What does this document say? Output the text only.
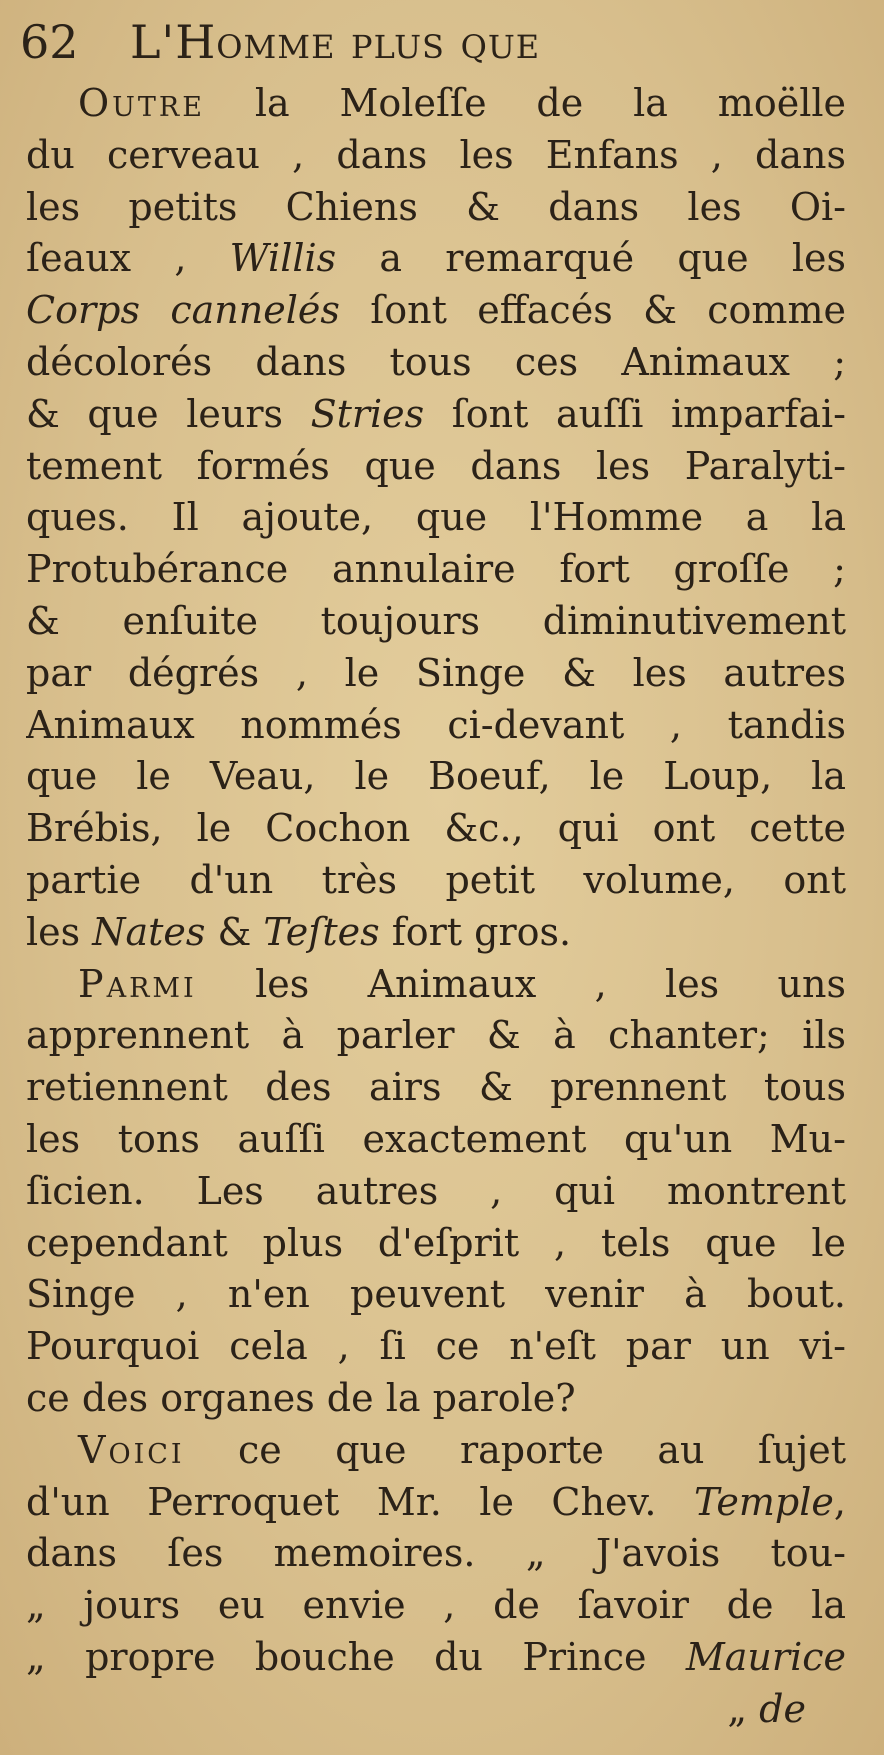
62 L'Homme plus que
Outre la Moleſſe de la moëlle
du cerveau , dans les Enfans , dans
les petits Chiens & dans les Oi-
ſeaux , Willis a remarqué que les
Corps cannelés ſont effacés & comme
décolorés dans tous ces Animaux ;
& que leurs Stries ſont auſſi imparfai-
tement formés que dans les Paralyti-
ques. Il ajoute, que l'Homme a la
Protubérance annulaire fort groſſe ;
& enſuite toujours diminutivement
par dégrés , le Singe & les autres
Animaux nommés ci-devant , tandis
que le Veau, le Boeuf, le Loup, la
Brébis, le Cochon &c., qui ont cette
partie d'un très petit volume, ont
les Nates & Teſtes fort gros.
Parmi les Animaux , les uns
apprennent à parler & à chanter; ils
retiennent des airs & prennent tous
les tons auſſi exactement qu'un Mu-
ſicien. Les autres , qui montrent
cependant plus d'eſprit , tels que le
Singe , n'en peuvent venir à bout.
Pourquoi cela , ſi ce n'eſt par un vi-
ce des organes de la parole?
Voici ce que raporte au ſujet
d'un Perroquet Mr. le Chev. Temple,
dans ſes memoires. „ J'avois tou-
„ jours eu envie , de ſavoir de la
„ propre bouche du Prince Maurice
„ de
